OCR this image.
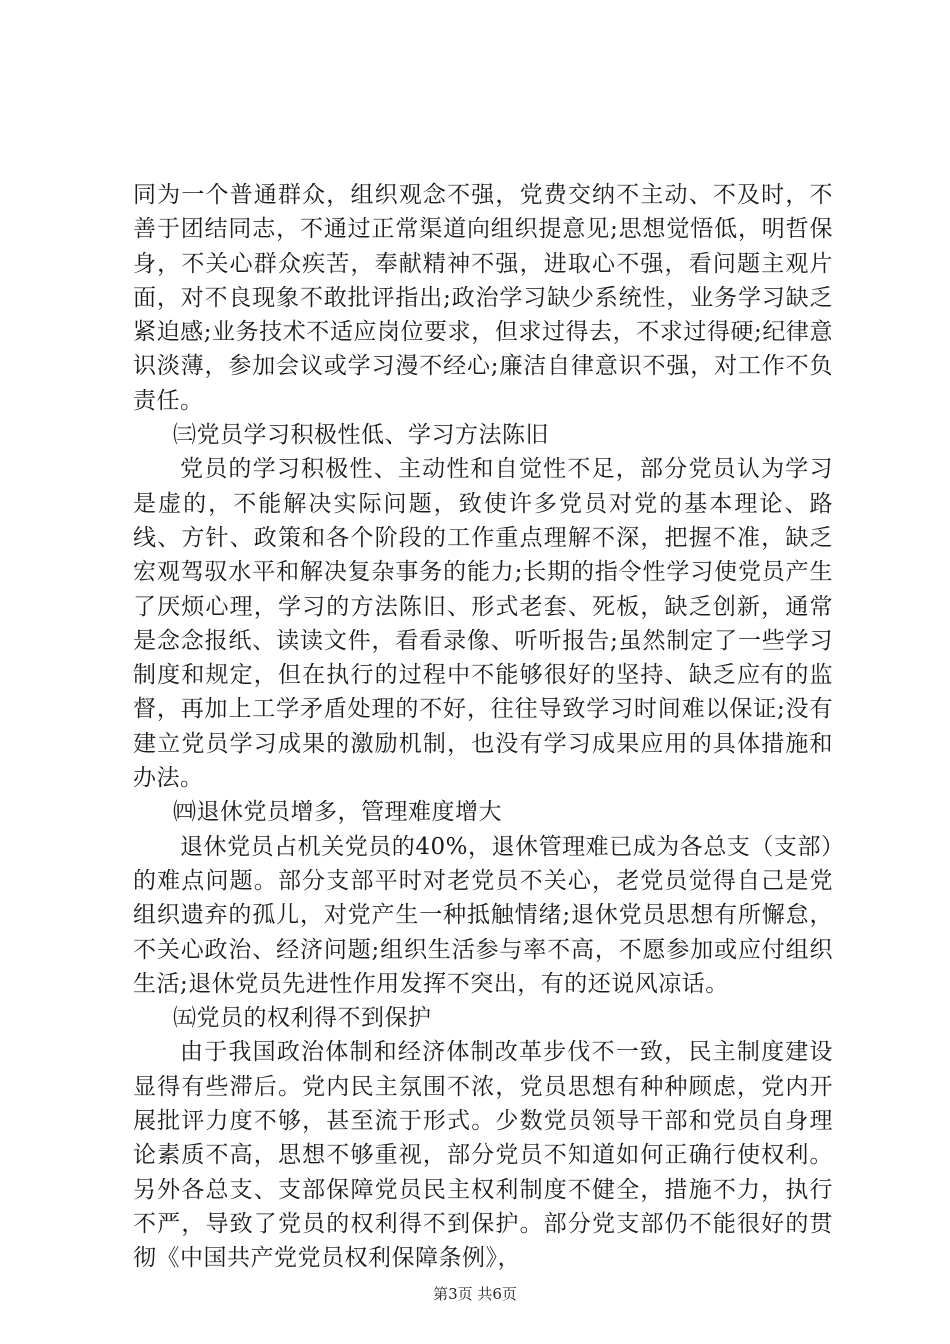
同为一个普通群众，组织观念不强，党费交纳不主动、不及时，不善于团结同志，不通过正常渠道向组织提意见;思想觉悟低，明哲保身，不关心群众疾苦，奉献精神不强，进取心不强，看问题主观片面，对不良现象不敢批评指出;政治学习缺少系统性，业务学习缺乏紧迫感;业务技术不适应岗位要求，但求过得去，不求过得硬;纪律意识淡薄，参加会议或学习漫不经心;廉洁自律意识不强，对工作不负责任。

㈢党员学习积极性低、学习方法陈旧

党员的学习积极性、主动性和自觉性不足，部分党员认为学习是虚的，不能解决实际问题，致使许多党员对党的基本理论、路线、方针、政策和各个阶段的工作重点理解不深，把握不准，缺乏宏观驾驭水平和解决复杂事务的能力;长期的指令性学习使党员产生了厌烦心理，学习的方法陈旧、形式老套、死板，缺乏创新，通常是念念报纸、读读文件，看看录像、听听报告;虽然制定了一些学习制度和规定，但在执行的过程中不能够很好的坚持、缺乏应有的监督，再加上工学矛盾处理的不好，往往导致学习时间难以保证;没有建立党员学习成果的激励机制，也没有学习成果应用的具体措施和办法。

㈣退休党员增多，管理难度增大

退休党员占机关党员的40%，退休管理难已成为各总支（支部）的难点问题。部分支部平时对老党员不关心，老党员觉得自己是党组织遗弃的孤儿，对党产生一种抵触情绪;退休党员思想有所懈怠，不关心政治、经济问题;组织生活参与率不高，不愿参加或应付组织生活;退休党员先进性作用发挥不突出，有的还说风凉话。

㈤党员的权利得不到保护

由于我国政治体制和经济体制改革步伐不一致，民主制度建设显得有些滞后。党内民主氛围不浓，党员思想有种种顾虑，党内开展批评力度不够，甚至流于形式。少数党员领导干部和党员自身理论素质不高，思想不够重视，部分党员不知道如何正确行使权利。另外各总支、支部保障党员民主权利制度不健全，措施不力，执行不严，导致了党员的权利得不到保护。部分党支部仍不能很好的贯彻《中国共产党党员权利保障条例》，

第3页 共6页
